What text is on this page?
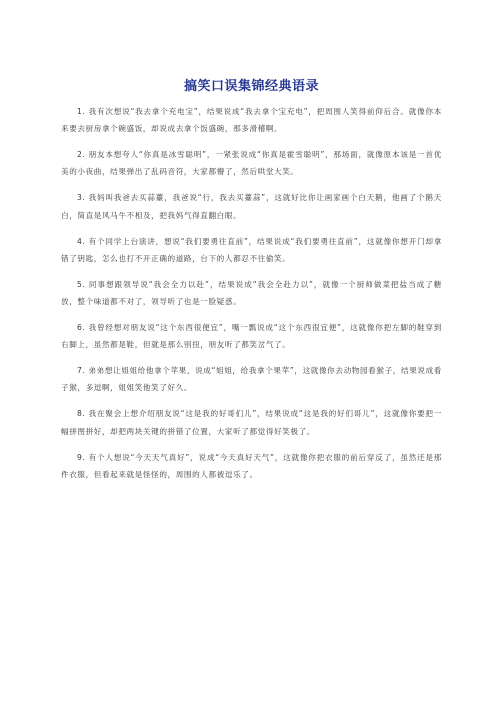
搞笑口误集锦经典语录

1. 我有次想说“我去拿个充电宝”，结果说成“我去拿个宝充电”，把周围人笑得前仰后合。就像你本来要去厨房拿个碗盛饭，却说成去拿个饭盛碗，那多滑稽啊。

2. 朋友本想夸人“你真是冰雪聪明”，一紧张说成“你真是霍雪聪明”，那场面，就像原本该是一首优美的小夜曲，结果弹出了乱码音符，大家都懵了，然后哄堂大笑。

3. 我妈叫我爸去买蒜薹，我爸说“行，我去买薹蒜”，这就好比你让画家画个白天鹅，他画了个鹅天白，简直是风马牛不相及，把我妈气得直翻白眼。

4. 有个同学上台演讲，想说“我们要勇往直前”，结果说成“我们要勇往直前”，这就像你想开门却拿错了钥匙，怎么也打不开正确的道路，台下的人都忍不住偷笑。

5. 同事想跟领导说“我会全力以赴”，结果说成“我会全赴力以”，就像一个厨师做菜把盐当成了糖放，整个味道都不对了，领导听了也是一脸疑惑。

6. 我曾经想对朋友说“这个东西很便宜”，嘴一瓢说成“这个东西很宜便”，这就像你把左脚的鞋穿到右脚上，虽然都是鞋，但就是那么别扭，朋友听了都笑岔气了。

7. 弟弟想让姐姐给他拿个苹果，说成“姐姐，给我拿个果苹”，这就像你去动物园看猴子，结果说成看子猴，多逗啊，姐姐笑他笑了好久。

8. 我在聚会上想介绍朋友说“这是我的好哥们儿”，结果说成“这是我的好们哥儿”，这就像你要把一幅拼图拼好，却把两块关键的拼错了位置，大家听了都觉得好笑极了。

9. 有个人想说“今天天气真好”，说成“今天真好天气”，这就像你把衣服的前后穿反了，虽然还是那件衣服，但看起来就是怪怪的，周围的人都被逗乐了。
